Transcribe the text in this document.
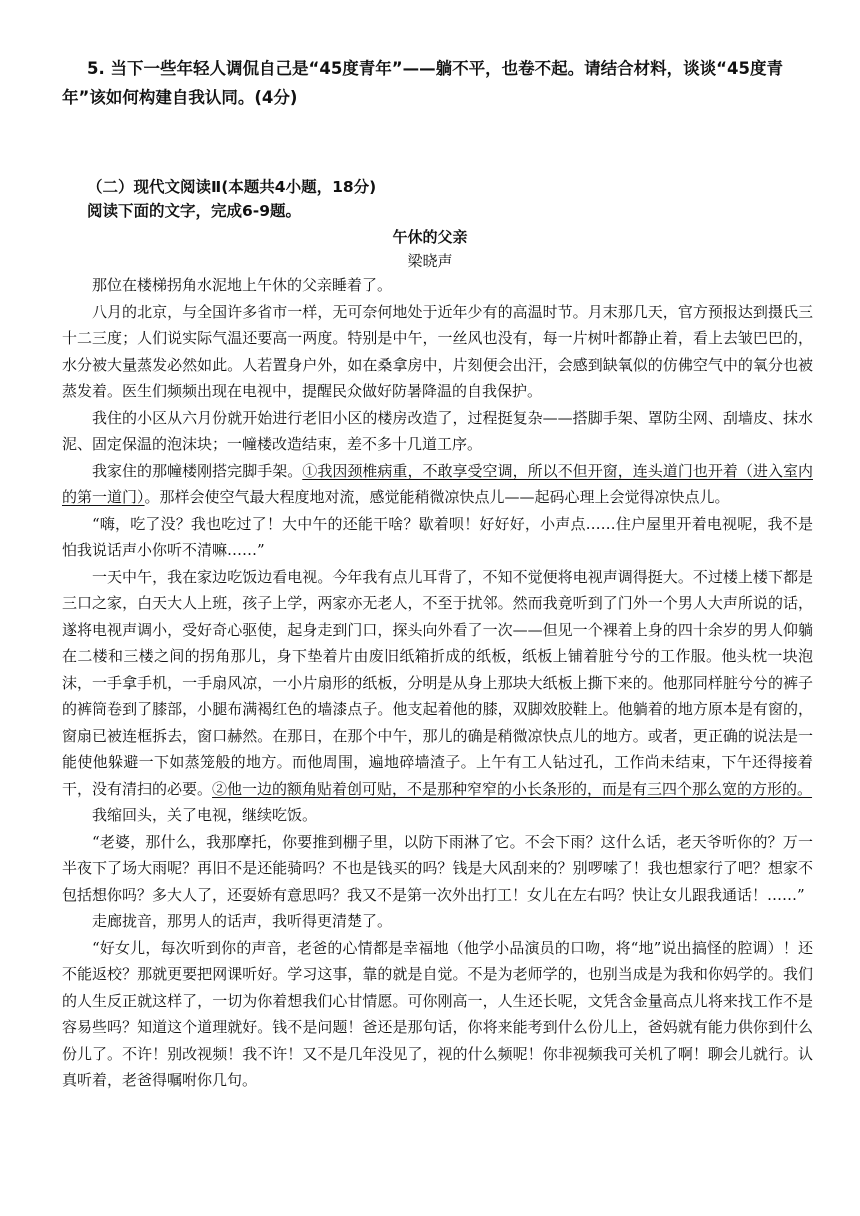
5. 当下一些年轻人调侃自己是“45度青年”——躺不平，也卷不起。请结合材料，谈谈“45度青年”该如何构建自我认同。(4分)
（二）现代文阅读Ⅱ(本题共4小题，18分)
阅读下面的文字，完成6-9题。
午休的父亲
梁晓声

那位在楼梯拐角水泥地上午休的父亲睡着了。

八月的北京，与全国许多省市一样，无可奈何地处于近年少有的高温时节。月末那几天，官方预报达到摄氏三十二三度；人们说实际气温还要高一两度。特别是中午，一丝风也没有，每一片树叶都静止着，看上去皱巴巴的，水分被大量蒸发必然如此。人若置身户外，如在桑拿房中，片刻便会出汗，会感到缺氧似的仿佛空气中的氧分也被蒸发着。医生们频频出现在电视中，提醒民众做好防暑降温的自我保护。

我住的小区从六月份就开始进行老旧小区的楼房改造了，过程挺复杂——搭脚手架、罩防尘网、刮墙皮、抹水泥、固定保温的泡沫块；一幢楼改造结束，差不多十几道工序。

我家住的那幢楼刚搭完脚手架。①我因颈椎病重，不敢享受空调，所以不但开窗，连头道门也开着（进入室内的第一道门）。那样会使空气最大程度地对流，感觉能稍微凉快点儿——起码心理上会觉得凉快点儿。

“嗨，吃了没？我也吃过了！大中午的还能干啥？歇着呗！好好好，小声点……住户屋里开着电视呢，我不是怕我说话声小你听不清嘛……”

一天中午，我在家边吃饭边看电视。今年我有点儿耳背了，不知不觉便将电视声调得挺大。不过楼上楼下都是三口之家，白天大人上班，孩子上学，两家亦无老人，不至于扰邻。然而我竟听到了门外一个男人大声所说的话，遂将电视声调小，受好奇心驱使，起身走到门口，探头向外看了一次——但见一个裸着上身的四十余岁的男人仰躺在二楼和三楼之间的拐角那儿，身下垫着片由废旧纸箱折成的纸板，纸板上铺着脏兮兮的工作服。他头枕一块泡沫，一手拿手机，一手扇风凉，一小片扇形的纸板，分明是从身上那块大纸板上撕下来的。他那同样脏兮兮的裤子的裤筒卷到了膝部，小腿布满褐红色的墙漆点子。他支起着他的膝，双脚效胶鞋上。他躺着的地方原本是有窗的，窗扇已被连框拆去，窗口赫然。在那日，在那个中午，那儿的确是稍微凉快点儿的地方。或者，更正确的说法是一能使他躲避一下如蒸笼般的地方。而他周围，遍地碎墙渣子。上午有工人钻过孔，工作尚未结束，下午还得接着干，没有清扫的必要。②他一边的额角贴着创可贴，不是那种窄窄的小长条形的，而是有三四个那么宽的方形的。

我缩回头，关了电视，继续吃饭。

“老婆，那什么，我那摩托，你要推到棚子里，以防下雨淋了它。不会下雨？这什么话，老天爷听你的？万一半夜下了场大雨呢？再旧不是还能骑吗？不也是钱买的吗？钱是大风刮来的？别啰嗦了！我也想家行了吧？想家不包括想你吗？多大人了，还耍娇有意思吗？我又不是第一次外出打工！女儿在左右吗？快让女儿跟我通话！……”

走廊拢音，那男人的话声，我听得更清楚了。

“好女儿，每次听到你的声音，老爸的心情都是幸福地（他学小品演员的口吻，将“地”说出搞怪的腔调）！还不能返校？那就更要把网课听好。学习这事，靠的就是自觉。不是为老师学的，也别当成是为我和你妈学的。我们的人生反正就这样了，一切为你着想我们心甘情愿。可你刚高一，人生还长呢，文凭含金量高点儿将来找工作不是容易些吗？知道这个道理就好。钱不是问题！爸还是那句话，你将来能考到什么份儿上，爸妈就有能力供你到什么份儿了。不许！别改视频！我不许！又不是几年没见了，视的什么频呢！你非视频我可关机了啊！聊会儿就行。认真听着，老爸得嘱咐你几句。
